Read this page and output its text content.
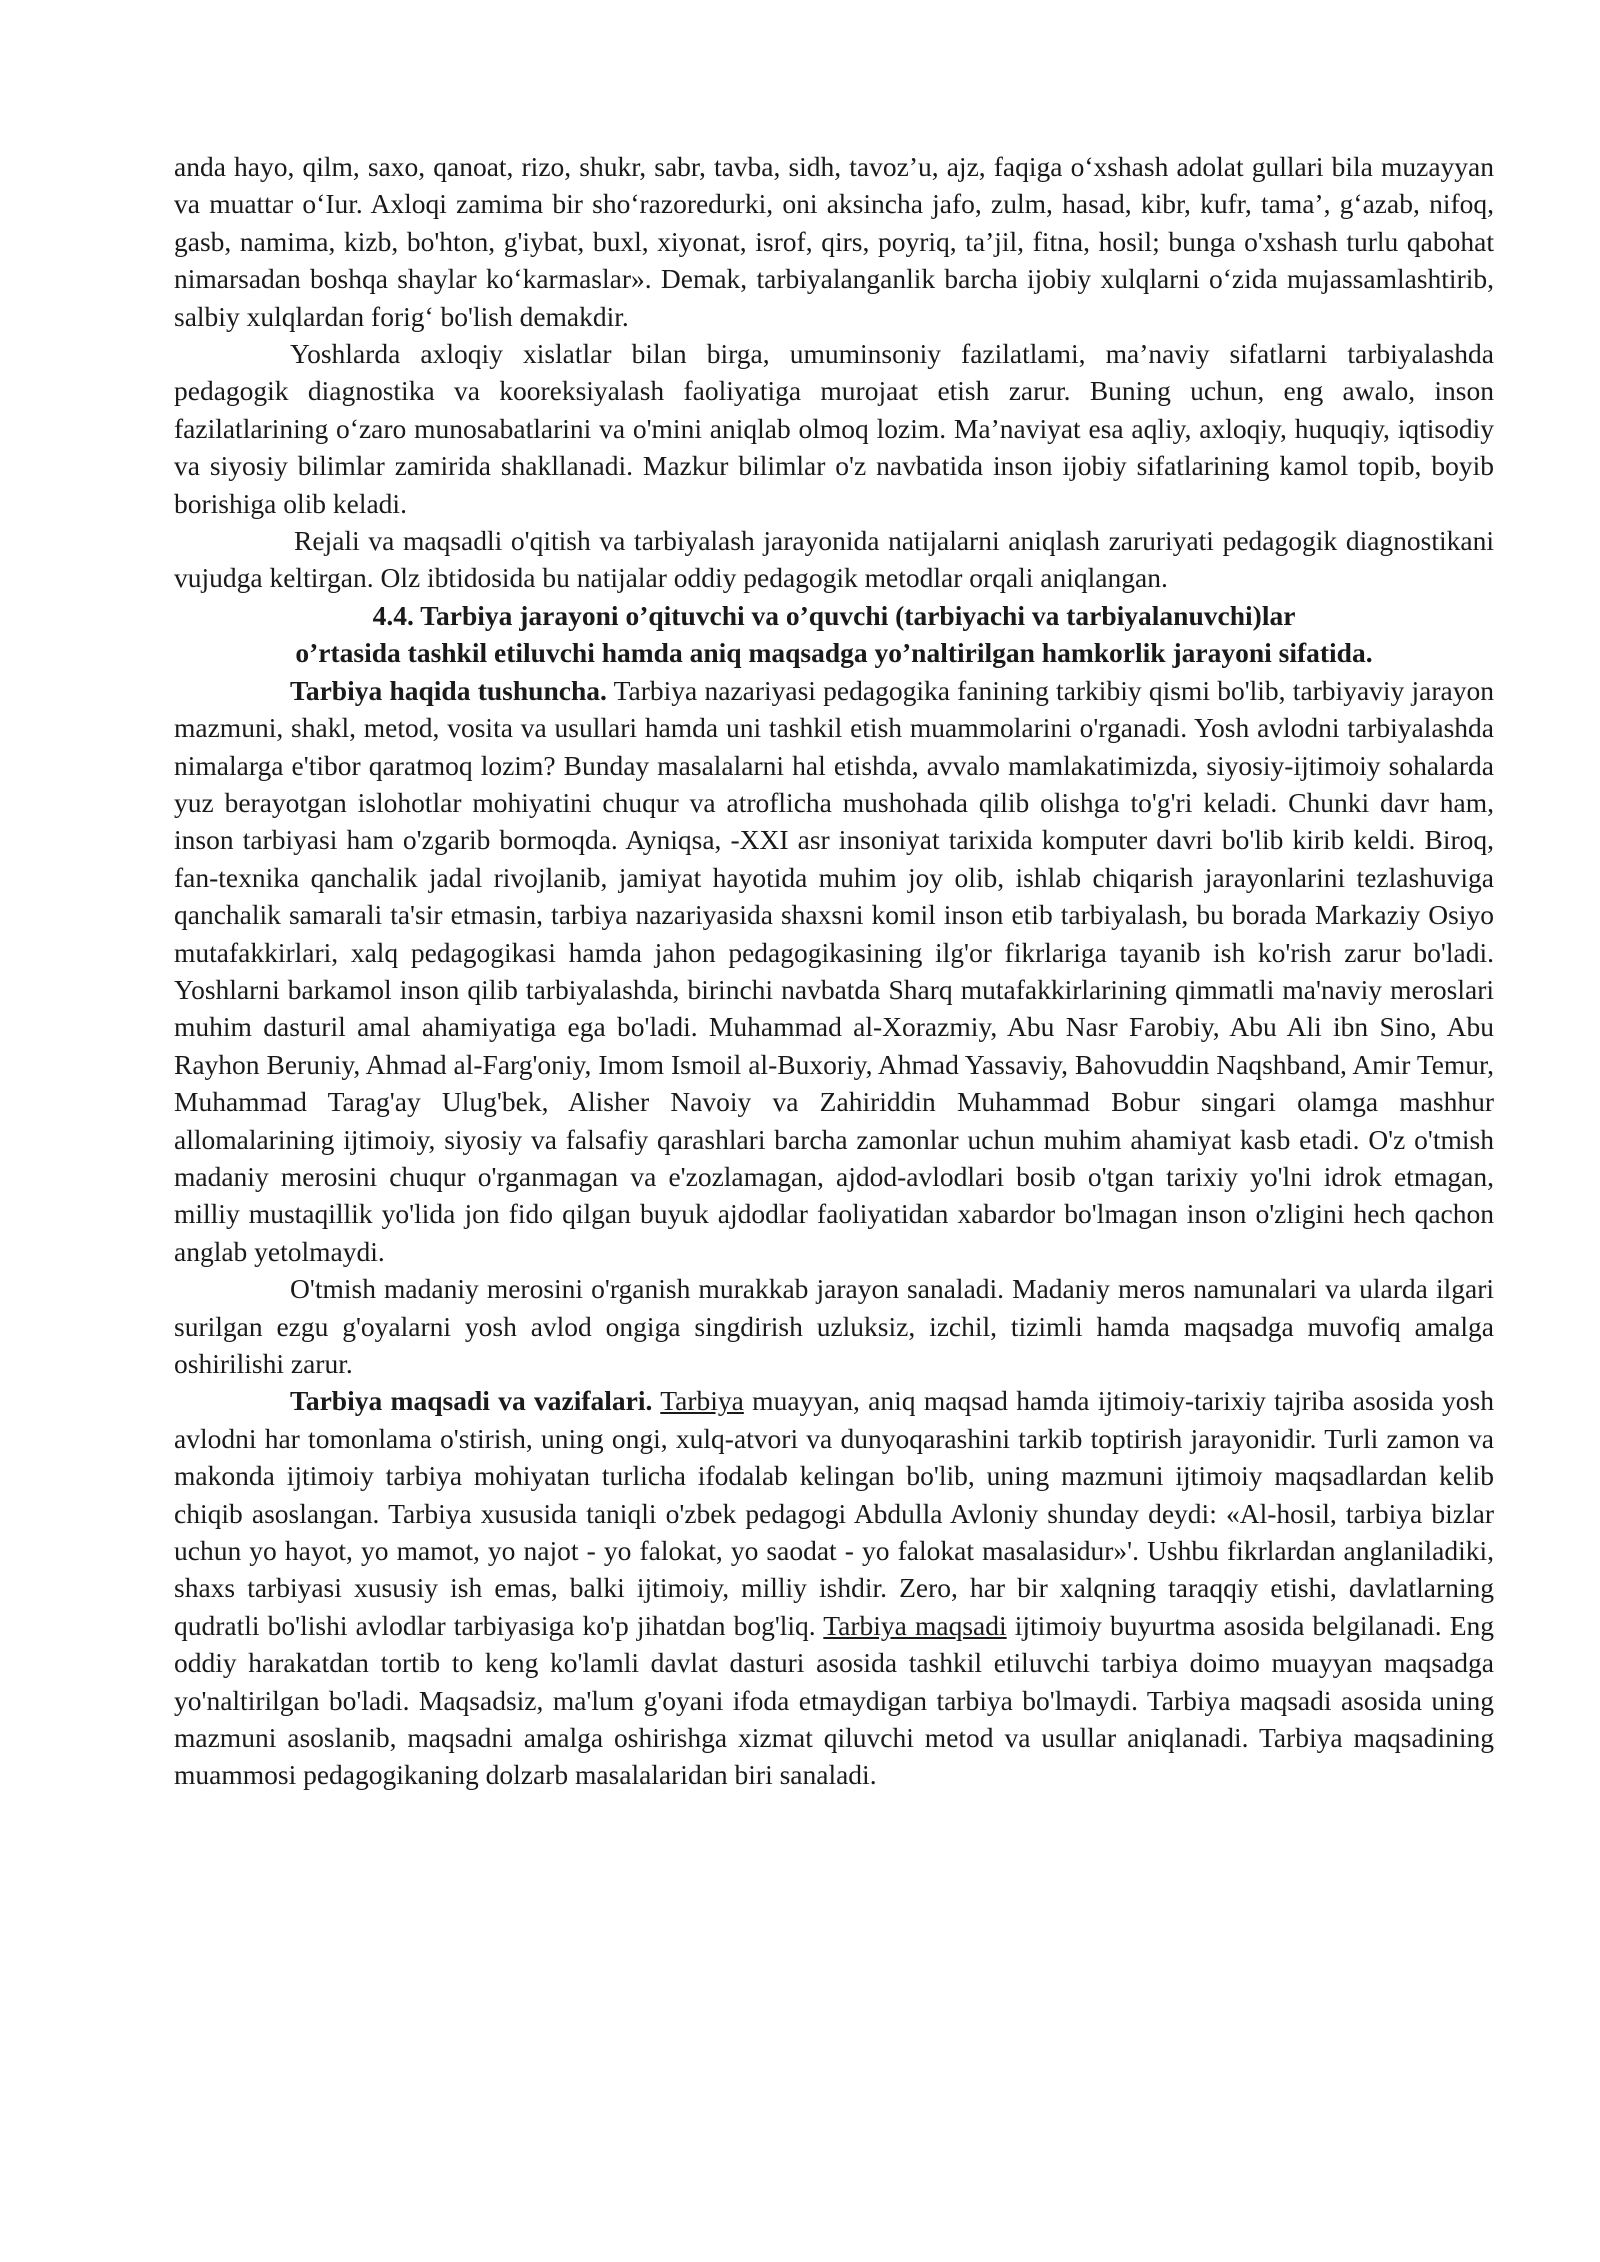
anda hayo, qilm, saxo, qanoat, rizo, shukr, sabr, tavba, sidh, tavoz’u, ajz, faqiga o‘xshash adolat gullari bila muzayyan va muattar o‘Iur. Axloqi zamima bir sho‘razoredurki, oni aksincha jafo, zulm, hasad, kibr, kufr, tama’, g‘azab, nifoq, gasb, namima, kizb, bo'hton, g'iybat, buxl, xiyonat, isrof, qirs, poyriq, ta’jil, fitna, hosil; bunga o'xshash turlu qabohat nimarsadan boshqa shaylar ko‘karmaslar». Demak, tarbiyalanganlik barcha ijobiy xulqlarni o‘zida mujassamlashtirib, salbiy xulqlardan forig‘ bo'lish demakdir.

Yoshlarda axloqiy xislatlar bilan birga, umuminsoniy fazilatlami, ma’naviy sifatlarni tarbiyalashda pedagogik diagnostika va kooreksiyalash faoliyatiga murojaat etish zarur. Buning uchun, eng awalo, inson fazilatlarining o‘zaro munosabatlarini va o'mini aniqlab olmoq lozim. Ma’naviyat esa aqliy, axloqiy, huquqiy, iqtisodiy va siyosiy bilimlar zamirida shakllanadi. Mazkur bilimlar o'z navbatida inson ijobiy sifatlarining kamol topib, boyib borishiga olib keladi.

Rejali va maqsadli o'qitish va tarbiyalash jarayonida natijalarni aniqlash zaruriyati pedagogik diagnostikani vujudga keltirgan. Olz ibtidosida bu natijalar oddiy pedagogik metodlar orqali aniqlangan.

4.4. Tarbiya jarayoni o’qituvchi va o’quvchi (tarbiyachi va tarbiyalanuvchi)lar
o’rtasida tashkil etiluvchi hamda aniq maqsadga yo’naltirilgan hamkorlik jarayoni sifatida.

Tarbiya haqida tushuncha. Tarbiya nazariyasi pedagogika fanining tarkibiy qismi bo'lib, tarbiyaviy jarayon mazmuni, shakl, metod, vosita va usullari hamda uni tashkil etish muammolarini o'rganadi. Yosh avlodni tarbiyalashda nimalarga e'tibor qaratmoq lozim? Bunday masalalarni hal etishda, avvalo mamlakatimizda, siyosiy-ijtimoiy sohalarda yuz berayotgan islohotlar mohiyatini chuqur va atroflicha mushohada qilib olishga to'g'ri keladi. Chunki davr ham, inson tarbiyasi ham o'zgarib bormoqda. Ayniqsa, -XXI asr insoniyat tarixida komputer davri bo'lib kirib keldi. Biroq, fan-texnika qanchalik jadal rivojlanib, jamiyat hayotida muhim joy olib, ishlab chiqarish jarayonlarini tezlashuviga qanchalik samarali ta'sir etmasin, tarbiya nazariyasida shaxsni komil inson etib tarbiyalash, bu borada Markaziy Osiyo mutafakkirlari, xalq pedagogikasi hamda jahon pedagogikasining ilg'or fikrlariga tayanib ish ko'rish zarur bo'ladi. Yoshlarni barkamol inson qilib tarbiyalashda, birinchi navbatda Sharq mutafakkirlarining qimmatli ma'naviy meroslari muhim dasturil amal ahamiyatiga ega bo'ladi. Muhammad al-Xorazmiy, Abu Nasr Farobiy, Abu Ali ibn Sino, Abu Rayhon Beruniy, Ahmad al-Farg'oniy, Imom Ismoil al-Buxoriy, Ahmad Yassaviy, Bahovuddin Naqshband, Amir Temur, Muhammad Tarag'ay Ulug'bek, Alisher Navoiy va Zahiriddin Muhammad Bobur singari olamga mashhur allomalarining ijtimoiy, siyosiy va falsafiy qarashlari barcha zamonlar uchun muhim ahamiyat kasb etadi. O'z o'tmish madaniy merosini chuqur o'rganmagan va e'zozlamagan, ajdod-avlodlari bosib o'tgan tarixiy yo'lni idrok etmagan, milliy mustaqillik yo'lida jon fido qilgan buyuk ajdodlar faoliyatidan xabardor bo'lmagan inson o'zligini hech qachon anglab yetolmaydi.

O'tmish madaniy merosini o'rganish murakkab jarayon sanaladi. Madaniy meros namunalari va ularda ilgari surilgan ezgu g'oyalarni yosh avlod ongiga singdirish uzluksiz, izchil, tizimli hamda maqsadga muvofiq amalga oshirilishi zarur.

Tarbiya maqsadi va vazifalari. Tarbiya muayyan, aniq maqsad hamda ijtimoiy-tarixiy tajriba asosida yosh avlodni har tomonlama o'stirish, uning ongi, xulq-atvori va dunyoqarashini tarkib toptirish jarayonidir. Turli zamon va makonda ijtimoiy tarbiya mohiyatan turlicha ifodalab kelingan bo'lib, uning mazmuni ijtimoiy maqsadlardan kelib chiqib asoslangan. Tarbiya xususida taniqli o'zbek pedagogi Abdulla Avloniy shunday deydi: «Al-hosil, tarbiya bizlar uchun yo hayot, yo mamot, yo najot - yo falokat, yo saodat - yo falokat masalasidur»'. Ushbu fikrlardan anglaniladiki, shaxs tarbiyasi xususiy ish emas, balki ijtimoiy, milliy ishdir. Zero, har bir xalqning taraqqiy etishi, davlatlarning qudratli bo'lishi avlodlar tarbiyasiga ko'p jihatdan bog'liq. Tarbiya maqsadi ijtimoiy buyurtma asosida belgilanadi. Eng oddiy harakatdan tortib to keng ko'lamli davlat dasturi asosida tashkil etiluvchi tarbiya doimo muayyan maqsadga yo'naltirilgan bo'ladi. Maqsadsiz, ma'lum g'oyani ifoda etmaydigan tarbiya bo'lmaydi. Tarbiya maqsadi asosida uning mazmuni asoslanib, maqsadni amalga oshirishga xizmat qiluvchi metod va usullar aniqlanadi. Tarbiya maqsadining muammosi pedagogikaning dolzarb masalalaridan biri sanaladi.
